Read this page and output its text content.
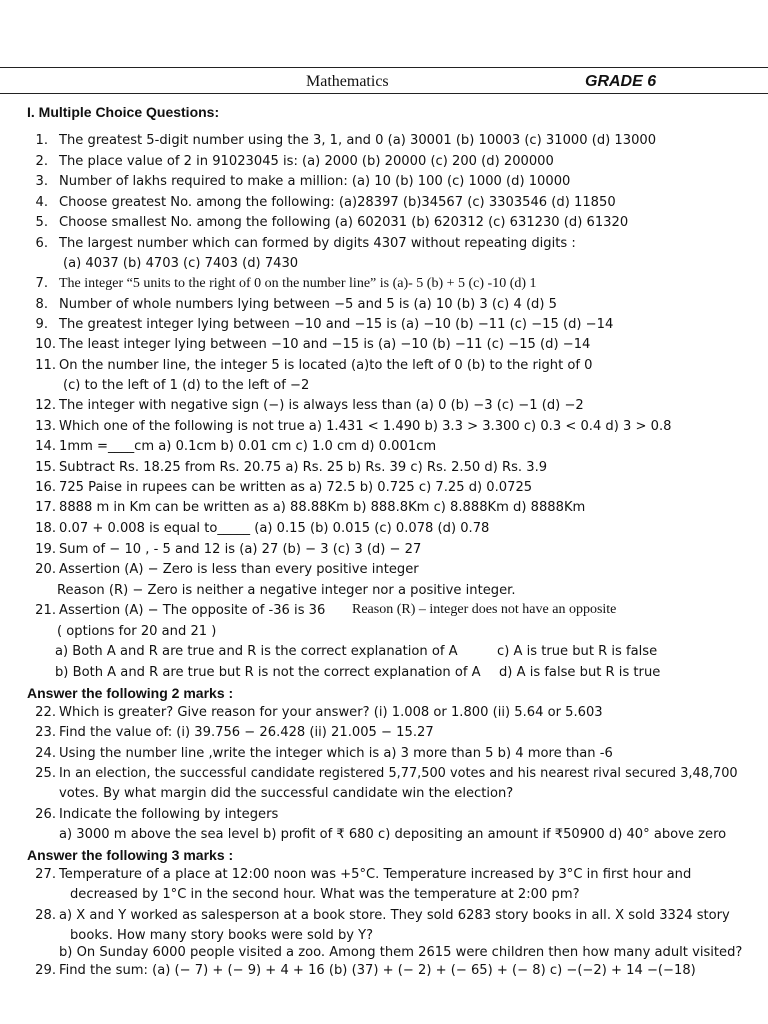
Mathematics	GRADE 6
I. Multiple Choice Questions:
1. The greatest 5-digit number using the 3, 1, and 0 (a) 30001 (b) 10003 (c) 31000 (d) 13000
2. The place value of 2 in 91023045 is: (a) 2000 (b) 20000 (c) 200 (d) 200000
3. Number of lakhs required to make a million: (a) 10 (b) 100 (c) 1000 (d) 10000
4. Choose greatest No. among the following: (a)28397 (b)34567 (c) 3303546 (d) 11850
5. Choose smallest No. among the following (a) 602031 (b) 620312 (c) 631230 (d) 61320
6. The largest number which can formed by digits 4307 without repeating digits :
(a) 4037 (b) 4703 (c) 7403 (d) 7430
7. The integer “5 units to the right of 0 on the number line” is (a)- 5 (b) + 5 (c) -10 (d) 1
8. Number of whole numbers lying between −5 and 5 is (a) 10 (b) 3 (c) 4 (d) 5
9. The greatest integer lying between −10 and −15 is (a) −10 (b) −11 (c) −15 (d) −14
10. The least integer lying between −10 and −15 is (a) −10 (b) −11 (c) −15 (d) −14
11. On the number line, the integer 5 is located (a)to the left of 0 (b) to the right of 0
(c) to the left of 1 (d) to the left of −2
12. The integer with negative sign (−) is always less than (a) 0 (b) −3 (c) −1 (d) −2
13. Which one of the following is not true a) 1.431 < 1.490 b) 3.3 > 3.300 c) 0.3 < 0.4 d) 3 > 0.8
14. 1mm =____cm a) 0.1cm b) 0.01 cm c) 1.0 cm d) 0.001cm
15. Subtract Rs. 18.25 from Rs. 20.75 a) Rs. 25 b) Rs. 39 c) Rs. 2.50 d) Rs. 3.9
16. 725 Paise in rupees can be written as a) 72.5 b) 0.725 c) 7.25 d) 0.0725
17. 8888 m in Km can be written as a) 88.88Km b) 888.8Km c) 8.888Km d) 8888Km
18. 0.07 + 0.008 is equal to_____ (a) 0.15 (b) 0.015 (c) 0.078 (d) 0.78
19. Sum of − 10 , - 5 and 12 is (a) 27 (b) − 3 (c) 3 (d) − 27
20. Assertion (A) − Zero is less than every positive integer
Reason (R) − Zero is neither a negative integer nor a positive integer.
21. Assertion (A) − The opposite of -36 is 36 Reason (R) – integer does not have an opposite
( options for 20 and 21 )
a) Both A and R are true and R is the correct explanation of A	c) A is true but R is false
b) Both A and R are true but R is not the correct explanation of A d) A is false but R is true
Answer the following 2 marks :
22. Which is greater? Give reason for your answer? (i) 1.008 or 1.800 (ii) 5.64 or 5.603
23. Find the value of: (i) 39.756 − 26.428 (ii) 21.005 − 15.27
24. Using the number line ,write the integer which is a) 3 more than 5 b) 4 more than -6
25. In an election, the successful candidate registered 5,77,500 votes and his nearest rival secured 3,48,700
votes. By what margin did the successful candidate win the election?
26. Indicate the following by integers
a) 3000 m above the sea level b) profit of ₹ 680 c) depositing an amount if ₹50900 d) 40° above zero
Answer the following 3 marks :
27. Temperature of a place at 12:00 noon was +5°C. Temperature increased by 3°C in first hour and
decreased by 1°C in the second hour. What was the temperature at 2:00 pm?
28. a) X and Y worked as salesperson at a book store. They sold 6283 story books in all. X sold 3324 story
books. How many story books were sold by Y?
b) On Sunday 6000 people visited a zoo. Among them 2615 were children then how many adult visited?
29. Find the sum: (a) (− 7) + (− 9) + 4 + 16 (b) (37) + (− 2) + (− 65) + (− 8) c) −(−2) + 14 −(−18)
